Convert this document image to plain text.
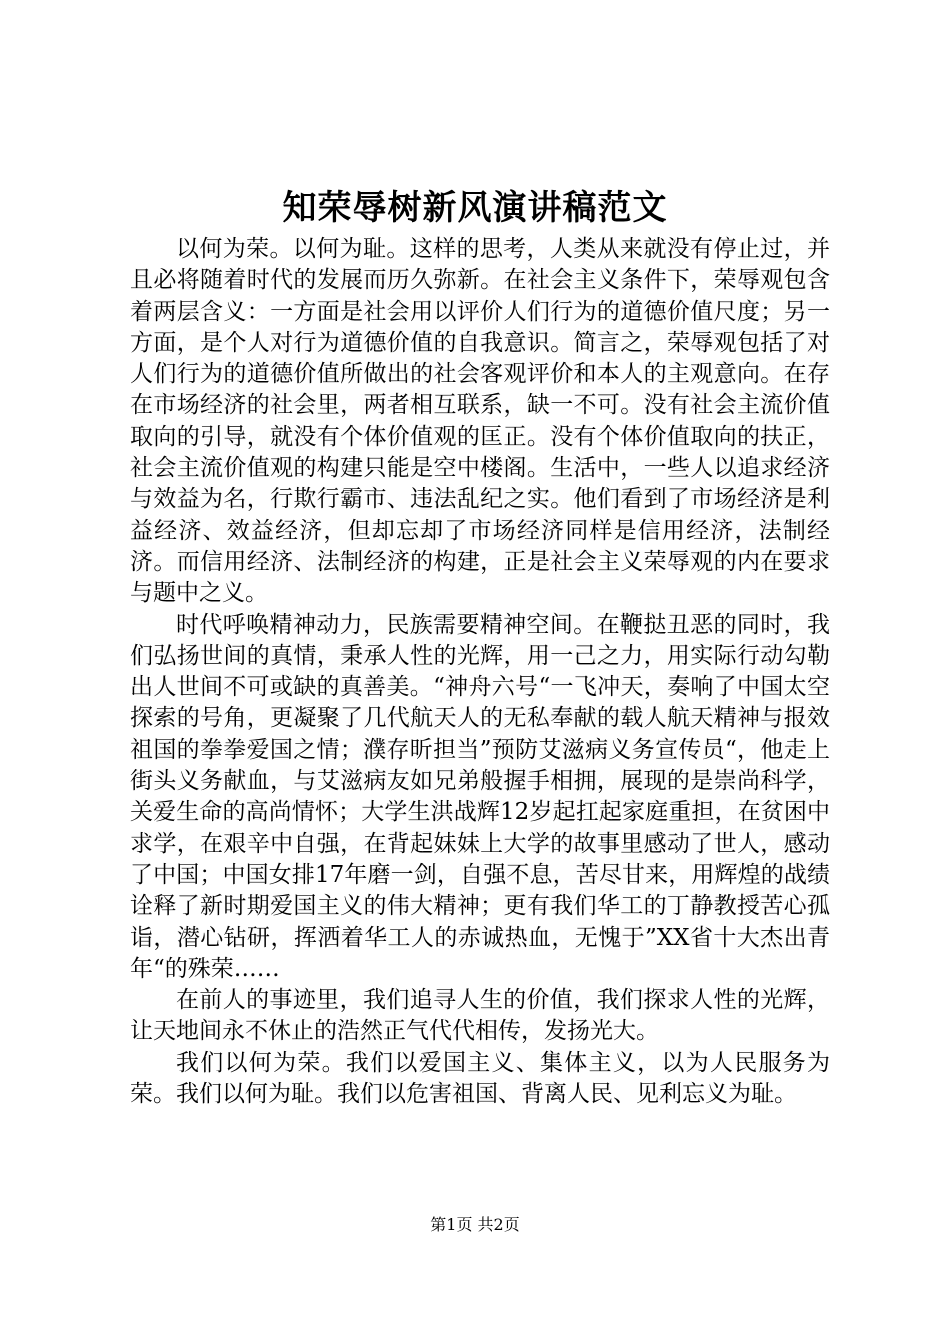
知荣辱树新风演讲稿范文

以何为荣。以何为耻。这样的思考，人类从来就没有停止过，并且必将随着时代的发展而历久弥新。在社会主义条件下，荣辱观包含着两层含义：一方面是社会用以评价人们行为的道德价值尺度；另一方面，是个人对行为道德价值的自我意识。简言之，荣辱观包括了对人们行为的道德价值所做出的社会客观评价和本人的主观意向。在存在市场经济的社会里，两者相互联系，缺一不可。没有社会主流价值取向的引导，就没有个体价值观的匡正。没有个体价值取向的扶正，社会主流价值观的构建只能是空中楼阁。生活中，一些人以追求经济与效益为名，行欺行霸市、违法乱纪之实。他们看到了市场经济是利益经济、效益经济，但却忘却了市场经济同样是信用经济，法制经济。而信用经济、法制经济的构建，正是社会主义荣辱观的内在要求与题中之义。

时代呼唤精神动力，民族需要精神空间。在鞭挞丑恶的同时，我们弘扬世间的真情，秉承人性的光辉，用一己之力，用实际行动勾勒出人世间不可或缺的真善美。“神舟六号“一飞冲天，奏响了中国太空探索的号角，更凝聚了几代航天人的无私奉献的载人航天精神与报效祖国的拳拳爱国之情；濮存昕担当”预防艾滋病义务宣传员“，他走上街头义务献血，与艾滋病友如兄弟般握手相拥，展现的是崇尚科学，关爱生命的高尚情怀；大学生洪战辉12岁起扛起家庭重担，在贫困中求学，在艰辛中自强，在背起妹妹上大学的故事里感动了世人，感动了中国；中国女排17年磨一剑，自强不息，苦尽甘来，用辉煌的战绩诠释了新时期爱国主义的伟大精神；更有我们华工的丁静教授苦心孤诣，潜心钻研，挥洒着华工人的赤诚热血，无愧于”XX省十大杰出青年“的殊荣……

在前人的事迹里，我们追寻人生的价值，我们探求人性的光辉，让天地间永不休止的浩然正气代代相传，发扬光大。

我们以何为荣。我们以爱国主义、集体主义，以为人民服务为荣。我们以何为耻。我们以危害祖国、背离人民、见利忘义为耻。

第1页 共2页
